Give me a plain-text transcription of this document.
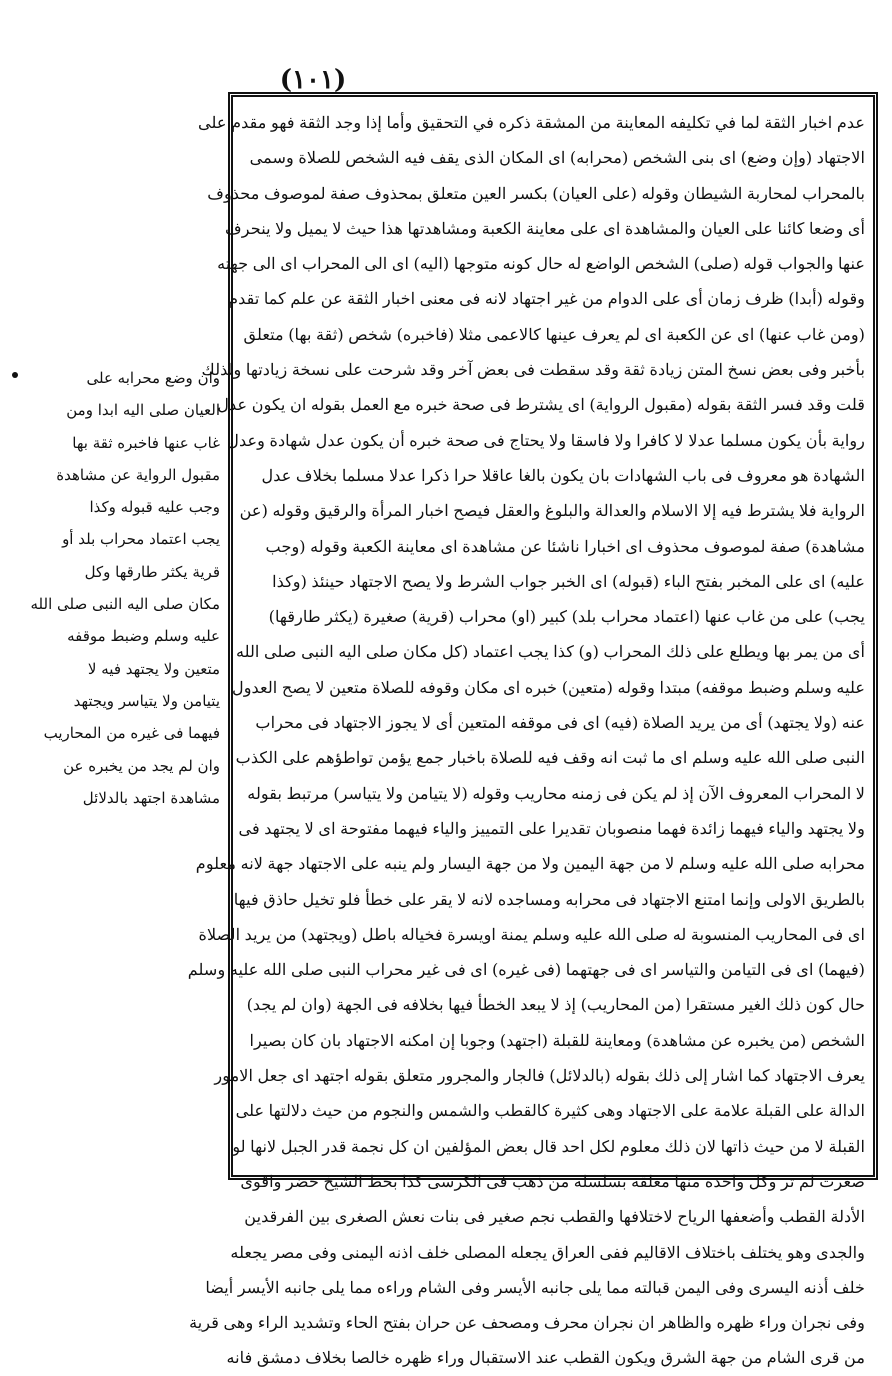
(١٠١)
وان وضع محرابه على
العيان صلى اليه ابدا ومن
غاب عنها فاخبره ثقة بها
مقبول الرواية عن مشاهدة
وجب عليه قبوله وكذا
يجب اعتماد محراب بلد أو
قرية يكثر طارقها وكل
مكان صلى اليه النبى صلى الله
عليه وسلم وضبط موقفه
متعين ولا يجتهد فيه لا
يتيامن ولا يتياسر ويجتهد
فيهما فى غيره من المحاريب
وان لم يجد من يخبره عن
مشاهدة اجتهد بالدلائل
عدم اخبار الثقة لما في تكليفه المعاينة من المشقة ذكره في التحقيق وأما إذا وجد الثقة فهو مقدم على
الاجتهاد (وإن وضع) اى بنى الشخص (محرابه) اى المكان الذى يقف فيه الشخص للصلاة وسمى
بالمحراب لمحاربة الشيطان وقوله (على العيان) بكسر العين متعلق بمحذوف صفة لموصوف محذوف
أى وضعا كائنا على العيان والمشاهدة اى على معاينة الكعبة ومشاهدتها هذا حيث لا يميل ولا ينحرف
عنها والجواب قوله (صلى) الشخص الواضع له حال كونه متوجها (اليه) اى الى المحراب اى الى جهته
وقوله (أبدا) ظرف زمان أى على الدوام من غير اجتهاد لانه فى معنى اخبار الثقة عن علم كما تقدم
(ومن غاب عنها) اى عن الكعبة اى لم يعرف عينها كالاعمى مثلا (فاخبره) شخص (ثقة بها) متعلق
بأخبر وفى بعض نسخ المتن زيادة ثقة وقد سقطت فى بعض آخر وقد شرحت على نسخة زيادتها ولذلك
قلت وقد فسر الثقة بقوله (مقبول الرواية) اى يشترط فى صحة خبره مع العمل بقوله ان يكون عدل
رواية بأن يكون مسلما عدلا لا كافرا ولا فاسقا ولا يحتاج فى صحة خبره أن يكون عدل شهادة وعدل
الشهادة هو معروف فى باب الشهادات بان يكون بالغا عاقلا حرا ذكرا عدلا مسلما بخلاف عدل
الرواية فلا يشترط فيه إلا الاسلام والعدالة والبلوغ والعقل فيصح اخبار المرأة والرقيق وقوله (عن
مشاهدة) صفة لموصوف محذوف اى اخبارا ناشئا عن مشاهدة اى معاينة الكعبة وقوله (وجب
عليه) اى على المخبر بفتح الباء (قبوله) اى الخبر جواب الشرط ولا يصح الاجتهاد حينئذ (وكذا
يجب) على من غاب عنها (اعتماد محراب بلد) كبير (او) محراب (قرية) صغيرة (يكثر طارقها)
أى من يمر بها ويطلع على ذلك المحراب (و) كذا يجب اعتماد (كل مكان صلى اليه النبى صلى الله
عليه وسلم وضبط موقفه) مبتدا وقوله (متعين) خبره اى مكان وقوفه للصلاة متعين لا يصح العدول
عنه (ولا يجتهد) أى من يريد الصلاة (فيه) اى فى موقفه المتعين أى لا يجوز الاجتهاد فى محراب
النبى صلى الله عليه وسلم اى ما ثبت انه وقف فيه للصلاة باخبار جمع يؤمن تواطؤهم على الكذب
لا المحراب المعروف الآن إذ لم يكن فى زمنه محاريب وقوله (لا يتيامن ولا يتياسر) مرتبط بقوله
ولا يجتهد والياء فيهما زائدة فهما منصوبان تقديرا على التمييز والياء فيهما مفتوحة اى لا يجتهد فى
محرابه صلى الله عليه وسلم لا من جهة اليمين ولا من جهة اليسار ولم ينبه على الاجتهاد جهة لانه معلوم
بالطريق الاولى وإنما امتنع الاجتهاد فى محرابه ومساجده لانه لا يقر على خطأ فلو تخيل حاذق فيها
اى فى المحاريب المنسوبة له صلى الله عليه وسلم يمنة اويسرة فخياله باطل (ويجتهد) من يريد الصلاة
(فيهما) اى فى التيامن والتياسر اى فى جهتهما (فى غيره) اى فى غير محراب النبى صلى الله عليه وسلم
حال كون ذلك الغير مستقرا (من المحاريب) إذ لا يبعد الخطأ فيها بخلافه فى الجهة (وان لم يجد)
الشخص (من يخبره عن مشاهدة) ومعاينة للقبلة (اجتهد) وجوبا إن امكنه الاجتهاد بان كان بصيرا
يعرف الاجتهاد كما اشار إلى ذلك بقوله (بالدلائل) فالجار والمجرور متعلق بقوله اجتهد اى جعل الامور
الدالة على القبلة علامة على الاجتهاد وهى كثيرة كالقطب والشمس والنجوم من حيث دلالتها على
القبلة لا من حيث ذاتها لان ذلك معلوم لكل احد قال بعض المؤلفين ان كل نجمة قدر الجبل لانها لو
صغرت لم تر وكل واحدة منها معلقة بسلسلة من ذهب فى الكرسى كذا بخط الشيخ خضر واقوى
الأدلة القطب وأضعفها الرياح لاختلافها والقطب نجم صغير فى بنات نعش الصغرى بين الفرقدين
والجدى وهو يختلف باختلاف الاقاليم ففى العراق يجعله المصلى خلف اذنه اليمنى وفى مصر يجعله
خلف أذنه اليسرى وفى اليمن قبالته مما يلى جانبه الأيسر وفى الشام وراءه مما يلى جانبه الأيسر أيضا
وفى نجران وراء ظهره والظاهر ان نجران محرف ومصحف عن حران بفتح الحاء وتشديد الراء وهى قرية
من قرى الشام من جهة الشرق ويكون القطب عند الاستقبال وراء ظهره خالصا بخلاف دمشق فانه
